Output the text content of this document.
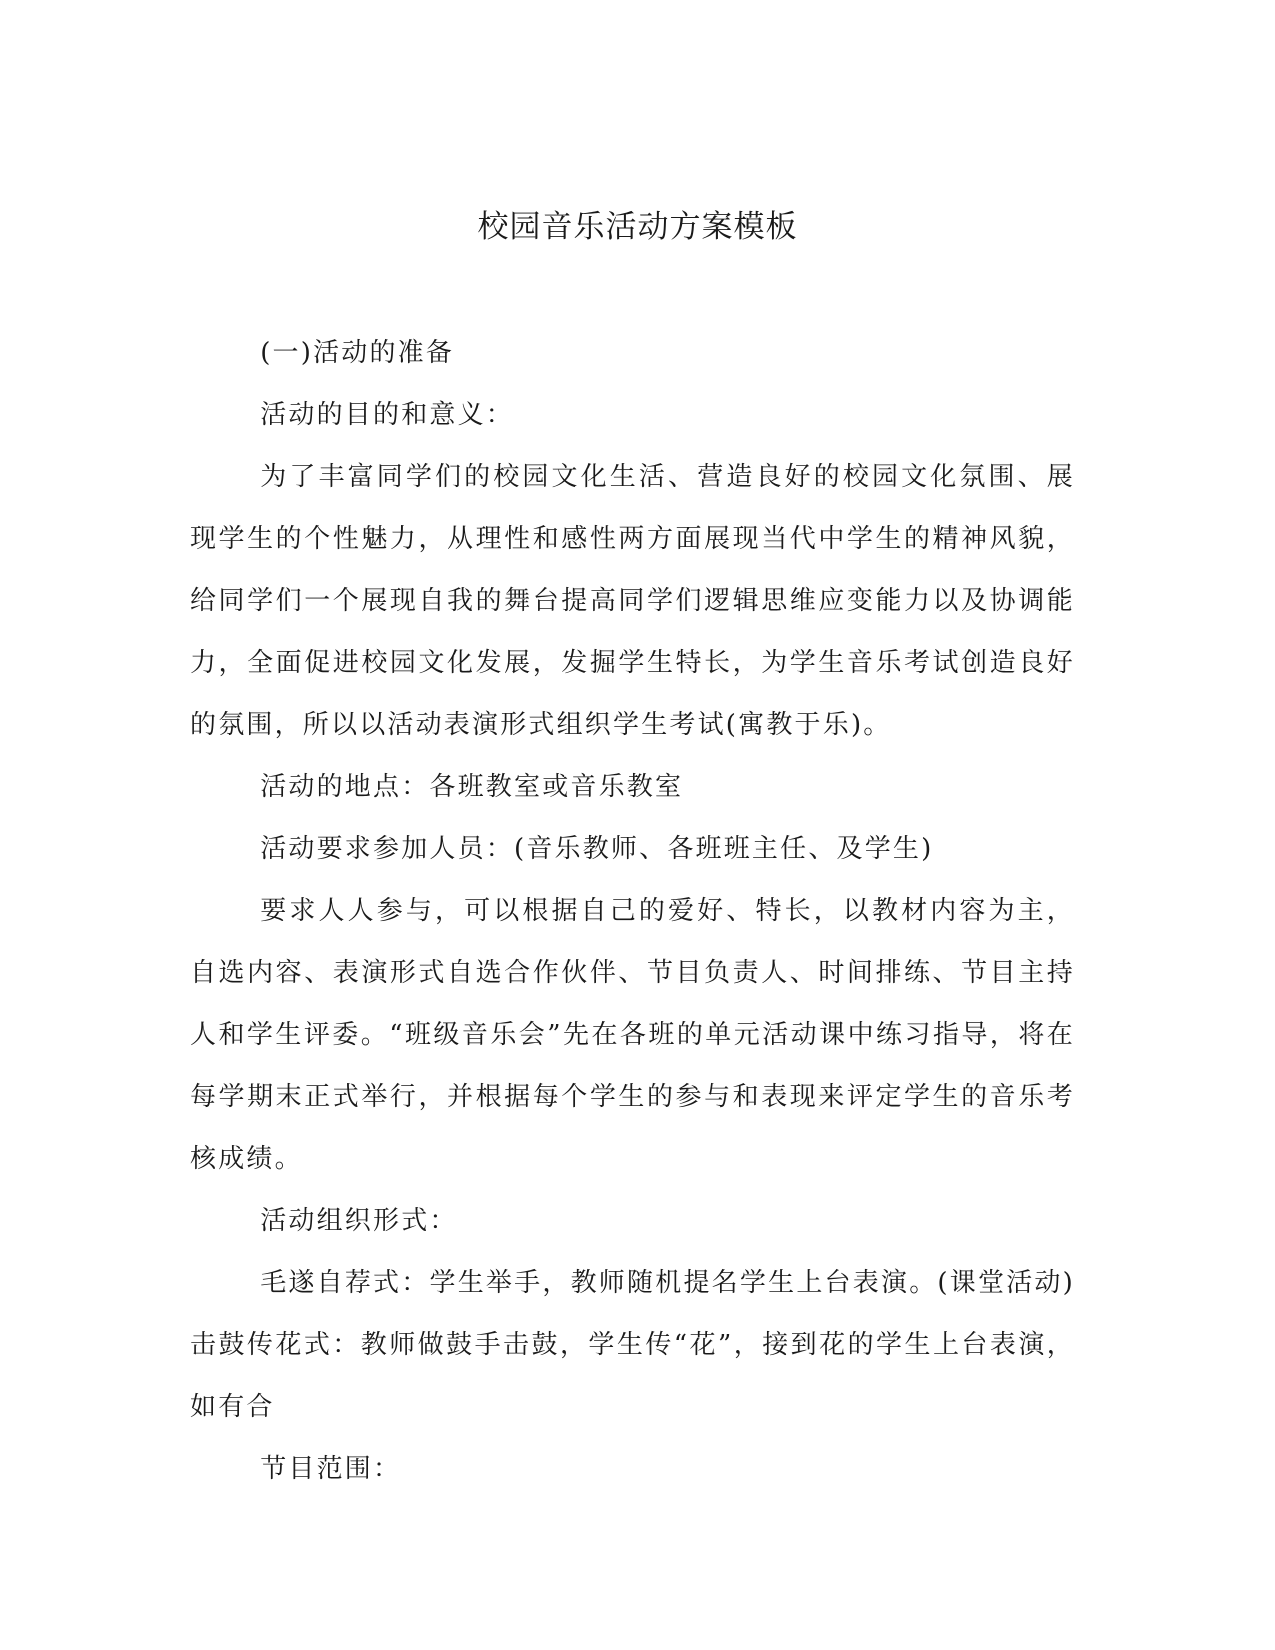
校园音乐活动方案模板

(一)活动的准备

活动的目的和意义：

为了丰富同学们的校园文化生活、营造良好的校园文化氛围、展现学生的个性魅力，从理性和感性两方面展现当代中学生的精神风貌，给同学们一个展现自我的舞台提高同学们逻辑思维应变能力以及协调能力，全面促进校园文化发展，发掘学生特长，为学生音乐考试创造良好的氛围，所以以活动表演形式组织学生考试(寓教于乐)。

活动的地点：各班教室或音乐教室

活动要求参加人员：(音乐教师、各班班主任、及学生)

要求人人参与，可以根据自己的爱好、特长，以教材内容为主，自选内容、表演形式自选合作伙伴、节目负责人、时间排练、节目主持人和学生评委。“班级音乐会”先在各班的单元活动课中练习指导，将在每学期末正式举行，并根据每个学生的参与和表现来评定学生的音乐考核成绩。

活动组织形式：

毛遂自荐式：学生举手，教师随机提名学生上台表演。(课堂活动)击鼓传花式：教师做鼓手击鼓，学生传“花”，接到花的学生上台表演，如有合

节目范围：
